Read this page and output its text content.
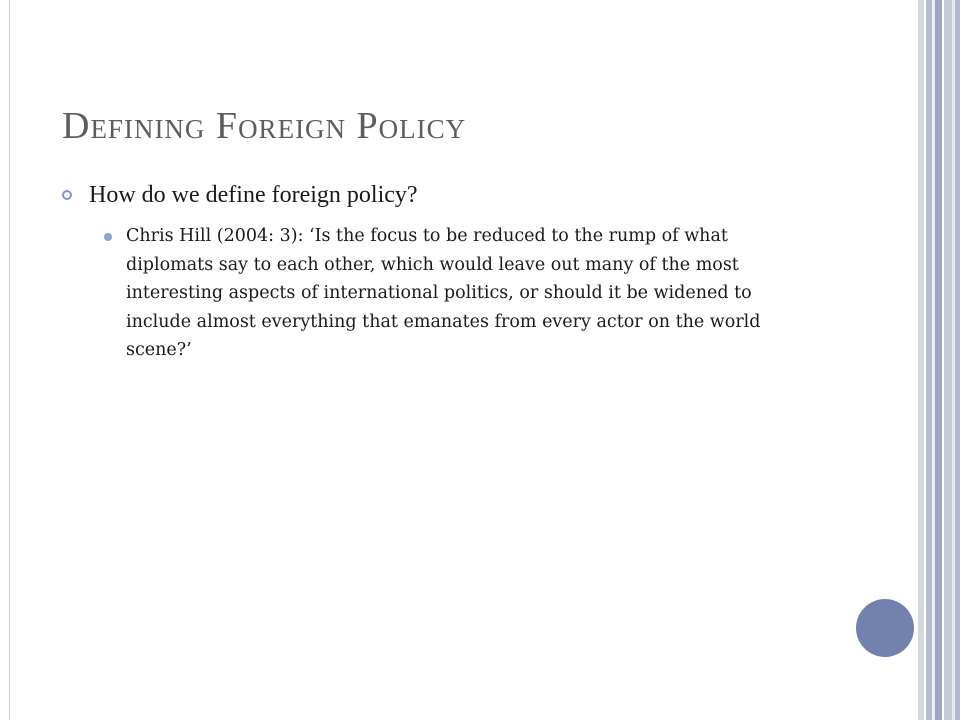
Defining Foreign Policy
How do we define foreign policy?
Chris Hill (2004: 3): ‘Is the focus to be reduced to the rump of what diplomats say to each other, which would leave out many of the most interesting aspects of international politics, or should it be widened to include almost everything that emanates from every actor on the world scene?’
